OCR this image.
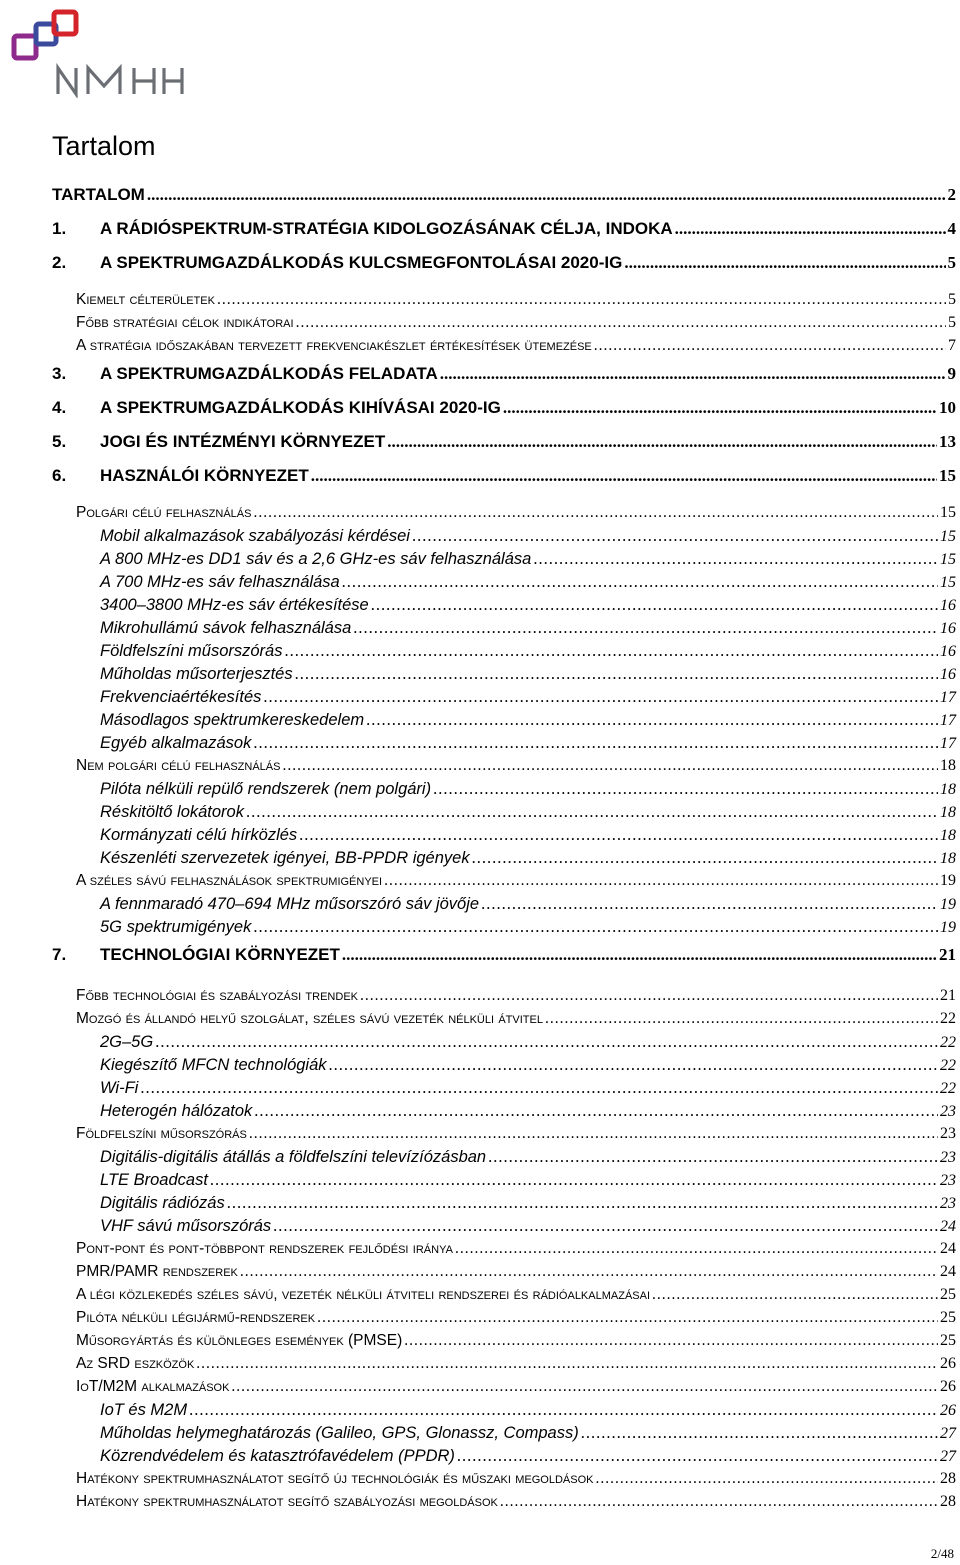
Tartalom
TARTALOM .....	2
1.	A RÁDIÓSPEKTRUM-STRATÉGIA KIDOLGOZÁSÁNAK CÉLJA, INDOKA .....	4
2.	A SPEKTRUMGAZDÁLKODÁS KULCSMEGFONTOLÁSAI 2020-IG .....	5
Kiemelt célterületek .....	5
Főbb stratégiai célok indikátorai .....	5
A stratégia időszakában tervezett frekvenciakészlet értékesítések ütemezése .....	7
3.	A SPEKTRUMGAZDÁLKODÁS FELADATA .....	9
4.	A SPEKTRUMGAZDÁLKODÁS KIHÍVÁSAI 2020-IG .....	10
5.	JOGI ÉS INTÉZMÉNYI KÖRNYEZET .....	13
6.	HASZNÁLÓI KÖRNYEZET .....	15
Polgári célú felhasználás .....	15
Mobil alkalmazások szabályozási kérdései .....	15
A 800 MHz-es DD1 sáv és a 2,6 GHz-es sáv felhasználása .....	15
A 700 MHz-es sáv felhasználása .....	15
3400–3800 MHz-es sáv értékesítése .....	16
Mikrohullámú sávok felhasználása .....	16
Földfelszíni műsorszórás .....	16
Műholdas műsorterjesztés .....	16
Frekvenciaértékesítés .....	17
Másodlagos spektrumkereskedelem .....	17
Egyéb alkalmazások .....	17
Nem polgári célú felhasználás .....	18
Pilóta nélküli repülő rendszerek (nem polgári) .....	18
Réskitöltő lokátorok .....	18
Kormányzati célú hírközlés .....	18
Készenléti szervezetek igényei, BB-PPDR igények .....	18
A széles sávú felhasználások spektrumigényei .....	19
A fennmaradó 470–694 MHz műsorszóró sáv jövője .....	19
5G spektrumigények .....	19
7.	TECHNOLÓGIAI KÖRNYEZET .....	21
Főbb technológiai és szabályozási trendek .....	21
Mozgó és állandó helyű szolgálat, széles sávú vezeték nélküli átvitel .....	22
2G–5G .....	22
Kiegészítő MFCN technológiák .....	22
Wi-Fi .....	22
Heterogén hálózatok .....	23
Földfelszíni műsorszórás .....	23
Digitális-digitális átállás a földfelszíni televízíózásban .....	23
LTE Broadcast .....	23
Digitális rádiózás .....	23
VHF sávú műsorszórás .....	24
Pont-pont és pont-többpont rendszerek fejlődési iránya .....	24
PMR/PAMR rendszerek .....	24
A légi közlekedés széles sávú, vezeték nélküli átviteli rendszerei és rádióalkalmazásai .....	25
Pilóta nélküli légijármű-rendszerek .....	25
Műsorgyártás és különleges események (PMSE) .....	25
Az SRD eszközök .....	26
IoT/M2M alkalmazások .....	26
IoT és M2M .....	26
Műholdas helymeghatározás (Galileo, GPS, Glonassz, Compass) .....	27
Közrendvédelem és katasztrófavédelem (PPDR) .....	27
Hatékony spektrumhasználatot segítő új technológiák és műszaki megoldások .....	28
Hatékony spektrumhasználatot segítő szabályozási megoldások .....	28
2/48
